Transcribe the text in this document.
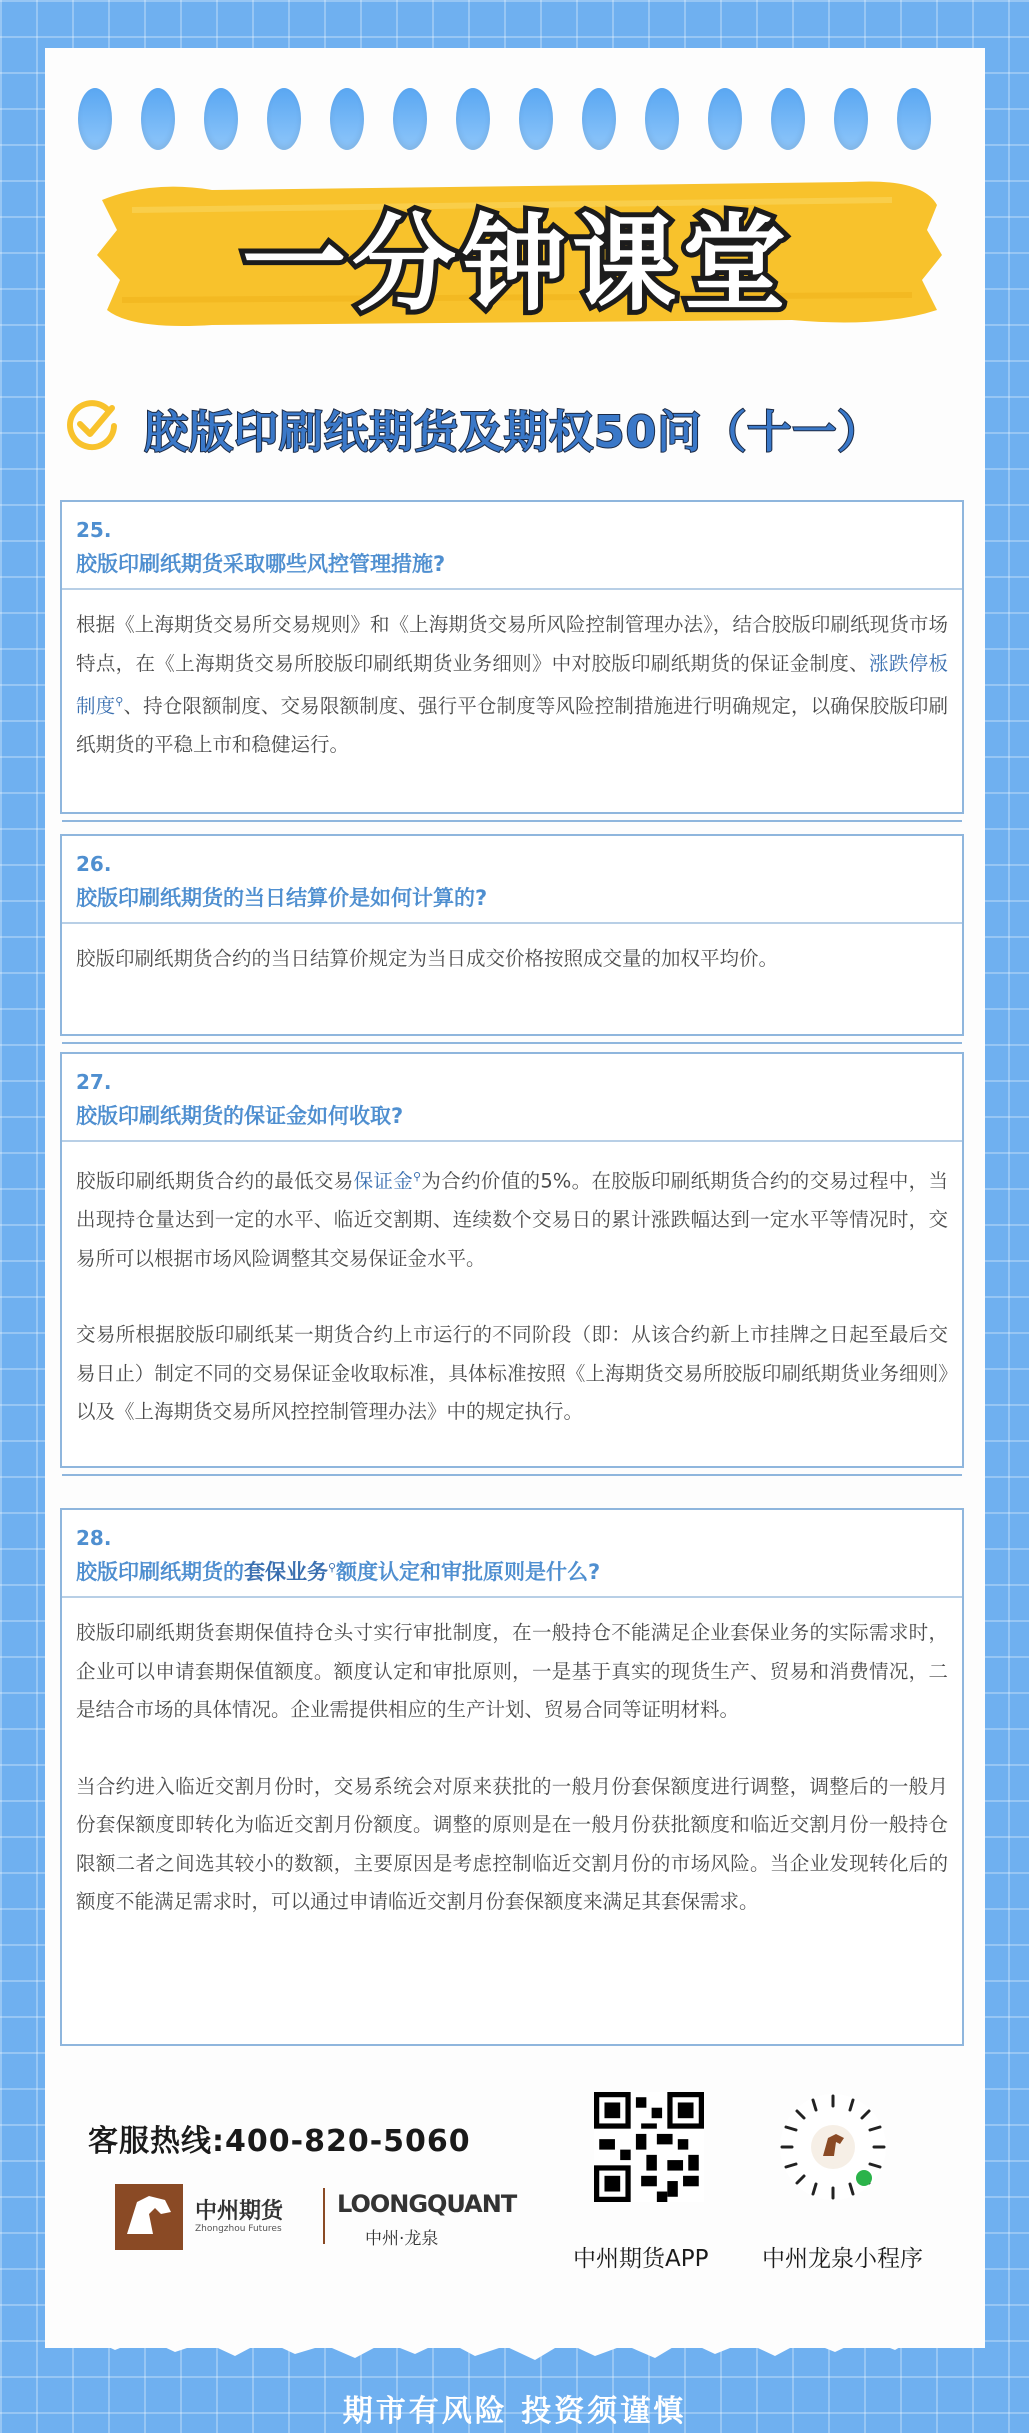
一分钟课堂
胶版印刷纸期货及期权50问（十一）
25.
胶版印刷纸期货采取哪些风控管理措施?

根据《上海期货交易所交易规则》和《上海期货交易所风险控制管理办法》，结合胶版印刷纸现货市场特点，在《上海期货交易所胶版印刷纸期货业务细则》中对胶版印刷纸期货的保证金制度、涨跌停板制度⚲、持仓限额制度、交易限额制度、强行平仓制度等风险控制措施进行明确规定，以确保胶版印刷纸期货的平稳上市和稳健运行。

26.
胶版印刷纸期货的当日结算价是如何计算的?

胶版印刷纸期货合约的当日结算价规定为当日成交价格按照成交量的加权平均价。

27.
胶版印刷纸期货的保证金如何收取?

胶版印刷纸期货合约的最低交易保证金⚲为合约价值的5%。在胶版印刷纸期货合约的交易过程中，当出现持仓量达到一定的水平、临近交割期、连续数个交易日的累计涨跌幅达到一定水平等情况时，交易所可以根据市场风险调整其交易保证金水平。

交易所根据胶版印刷纸某一期货合约上市运行的不同阶段（即：从该合约新上市挂牌之日起至最后交易日止）制定不同的交易保证金收取标准，具体标准按照《上海期货交易所胶版印刷纸期货业务细则》以及《上海期货交易所风控控制管理办法》中的规定执行。

28.
胶版印刷纸期货的套保业务⚲额度认定和审批原则是什么?

胶版印刷纸期货套期保值持仓头寸实行审批制度，在一般持仓不能满足企业套保业务的实际需求时，企业可以申请套期保值额度。额度认定和审批原则，一是基于真实的现货生产、贸易和消费情况，二是结合市场的具体情况。企业需提供相应的生产计划、贸易合同等证明材料。

当合约进入临近交割月份时，交易系统会对原来获批的一般月份套保额度进行调整，调整后的一般月份套保额度即转化为临近交割月份额度。调整的原则是在一般月份获批额度和临近交割月份一般持仓限额二者之间选其较小的数额，主要原因是考虑控制临近交割月份的市场风险。当企业发现转化后的额度不能满足需求时，可以通过申请临近交割月份套保额度来满足其套保需求。

客服热线:400-820-5060
中州期货
Zhongzhou Futures
LOONGQUANT
中州·龙泉
中州期货APP 中州龙泉小程序
期市有风险 投资须谨慎
